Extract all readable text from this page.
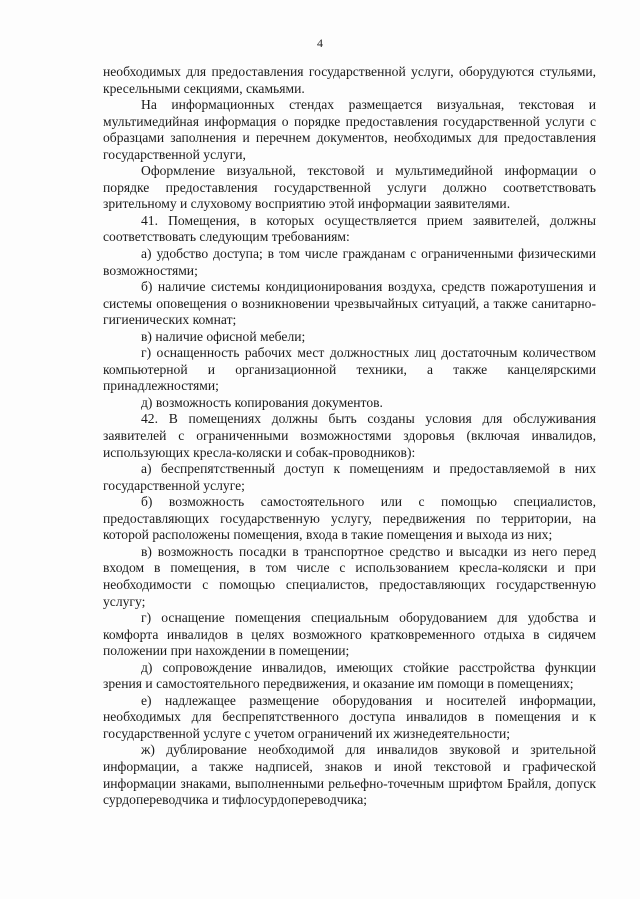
4

необходимых для предоставления государственной услуги, оборудуются стульями, кресельными секциями, скамьями.

На информационных стендах размещается визуальная, текстовая и мультимедийная информация о порядке предоставления государственной услуги с образцами заполнения и перечнем документов, необходимых для предоставления государственной услуги,

Оформление визуальной, текстовой и мультимедийной информации о порядке предоставления государственной услуги должно соответствовать зрительному и слуховому восприятию этой информации заявителями.

41. Помещения, в которых осуществляется прием заявителей, должны соответствовать следующим требованиям:

а) удобство доступа; в том числе гражданам с ограниченными физическими возможностями;

б) наличие системы кондиционирования воздуха, средств пожаротушения и системы оповещения о возникновении чрезвычайных ситуаций, а также санитарно-гигиенических комнат;

в) наличие офисной мебели;

г) оснащенность рабочих мест должностных лиц достаточным количеством компьютерной и организационной техники, а также канцелярскими принадлежностями;

д) возможность копирования документов.

42. В помещениях должны быть созданы условия для обслуживания заявителей с ограниченными возможностями здоровья (включая инвалидов, использующих кресла-коляски и собак-проводников):

а) беспрепятственный доступ к помещениям и предоставляемой в них государственной услуге;

б) возможность самостоятельного или с помощью специалистов, предоставляющих государственную услугу, передвижения по территории, на которой расположены помещения, входа в такие помещения и выхода из них;

в) возможность посадки в транспортное средство и высадки из него перед входом в помещения, в том числе с использованием кресла-коляски и при необходимости с помощью специалистов, предоставляющих государственную услугу;

г) оснащение помещения специальным оборудованием для удобства и комфорта инвалидов в целях возможного кратковременного отдыха в сидячем положении при нахождении в помещении;

д) сопровождение инвалидов, имеющих стойкие расстройства функции зрения и самостоятельного передвижения, и оказание им помощи в помещениях;

е) надлежащее размещение оборудования и носителей информации, необходимых для беспрепятственного доступа инвалидов в помещения и к государственной услуге с учетом ограничений их жизнедеятельности;

ж) дублирование необходимой для инвалидов звуковой и зрительной информации, а также надписей, знаков и иной текстовой и графической информации знаками, выполненными рельефно-точечным шрифтом Брайля, допуск сурдопереводчика и тифлосурдопереводчика;
